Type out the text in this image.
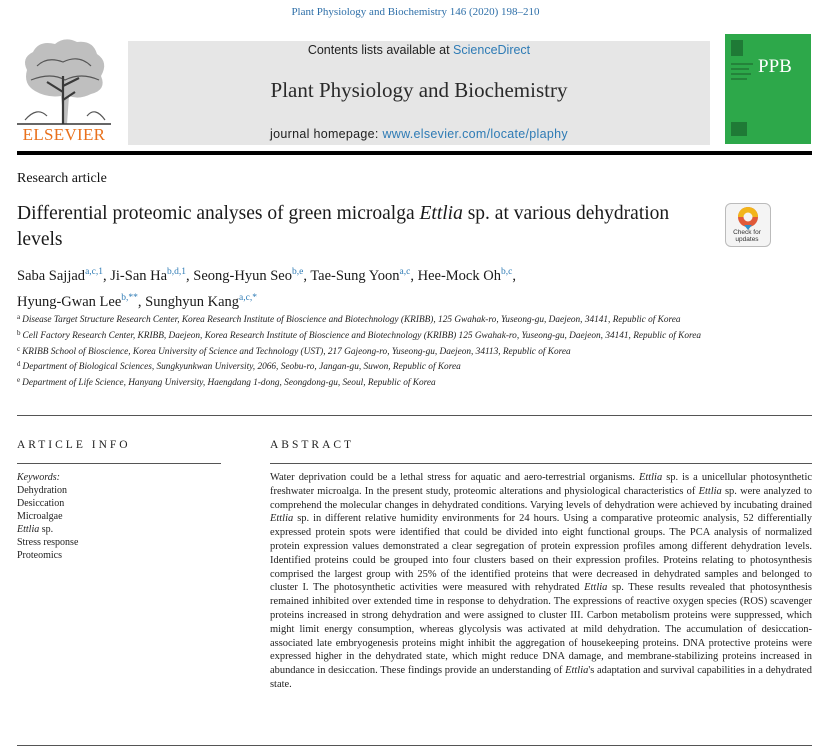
Plant Physiology and Biochemistry 146 (2020) 198–210
ELSEVIER
Contents lists available at ScienceDirect
Plant Physiology and Biochemistry
journal homepage: www.elsevier.com/locate/plaphy
PPB
Research article
Differential proteomic analyses of green microalga Ettlia sp. at various dehydration levels	Check for updates
Saba Sajjad$^{a,c,1}$, Ji-San Ha$^{b,d,1}$, Seong-Hyun Seo$^{b,e}$, Tae-Sung Yoon$^{a,c}$, Hee-Mock Oh$^{b,c}$,
Hyung-Gwan Lee$^{b,**}$, Sunghyun Kang$^{a,c,*}$
$^a$ Disease Target Structure Research Center, Korea Research Institute of Bioscience and Biotechnology (KRIBB), 125 Gwahak-ro, Yuseong-gu, Daejeon, 34141, Republic of Korea
$^b$ Cell Factory Research Center, KRIBB, Daejeon, Korea Research Institute of Bioscience and Biotechnology (KRIBB) 125 Gwahak-ro, Yuseong-gu, Daejeon, 34141, Republic of Korea
$^c$ KRIBB School of Bioscience, Korea University of Science and Technology (UST), 217 Gajeong-ro, Yuseong-gu, Daejeon, 34113, Republic of Korea
$^d$ Department of Biological Sciences, Sungkyunkwan University, 2066, Seobu-ro, Jangan-gu, Suwon, Republic of Korea
$^e$ Department of Life Science, Hanyang University, Haengdang 1-dong, Seongdong-gu, Seoul, Republic of Korea
ARTICLE INFO
Keywords:
Dehydration
Desiccation
Microalgae
Ettlia sp.
Stress response
Proteomics
ABSTRACT
Water deprivation could be a lethal stress for aquatic and aero-terrestrial organisms. Ettlia sp. is a unicellular photosynthetic freshwater microalga. In the present study, proteomic alterations and physiological characteristics of Ettlia sp. were analyzed to comprehend the molecular changes in dehydrated conditions. Varying levels of dehydration were achieved by incubating drained Ettlia sp. in different relative humidity environments for 24 hours. Using a comparative proteomic analysis, 52 differentially expressed protein spots were identified that could be divided into eight functional groups. The PCA analysis of normalized protein expression values demonstrated a clear segregation of protein expression profiles among different dehydration levels. Identified proteins could be grouped into four clusters based on their expression profiles. Proteins relating to photosynthesis comprised the largest group with 25% of the identified proteins that were decreased in dehydrated samples and belonged to cluster I. The photosynthetic activities were measured with rehydrated Ettlia sp. These results revealed that photosynthesis remained inhibited over extended time in response to dehydration. The expressions of reactive oxygen species (ROS) scavenger proteins increased in strong dehydration and were assigned to cluster III. Carbon metabolism proteins were suppressed, which might limit energy consumption, whereas glycolysis was activated at mild dehydration. The accumulation of desiccation-associated late embryogenesis proteins might inhibit the aggregation of housekeeping proteins. DNA protective proteins were expressed higher in the dehydrated state, which might reduce DNA damage, and membrane-stabilizing proteins increased in abundance in desiccation. These findings provide an understanding of Ettlia's adaptation and survival capabilities in a dehydrated state.
